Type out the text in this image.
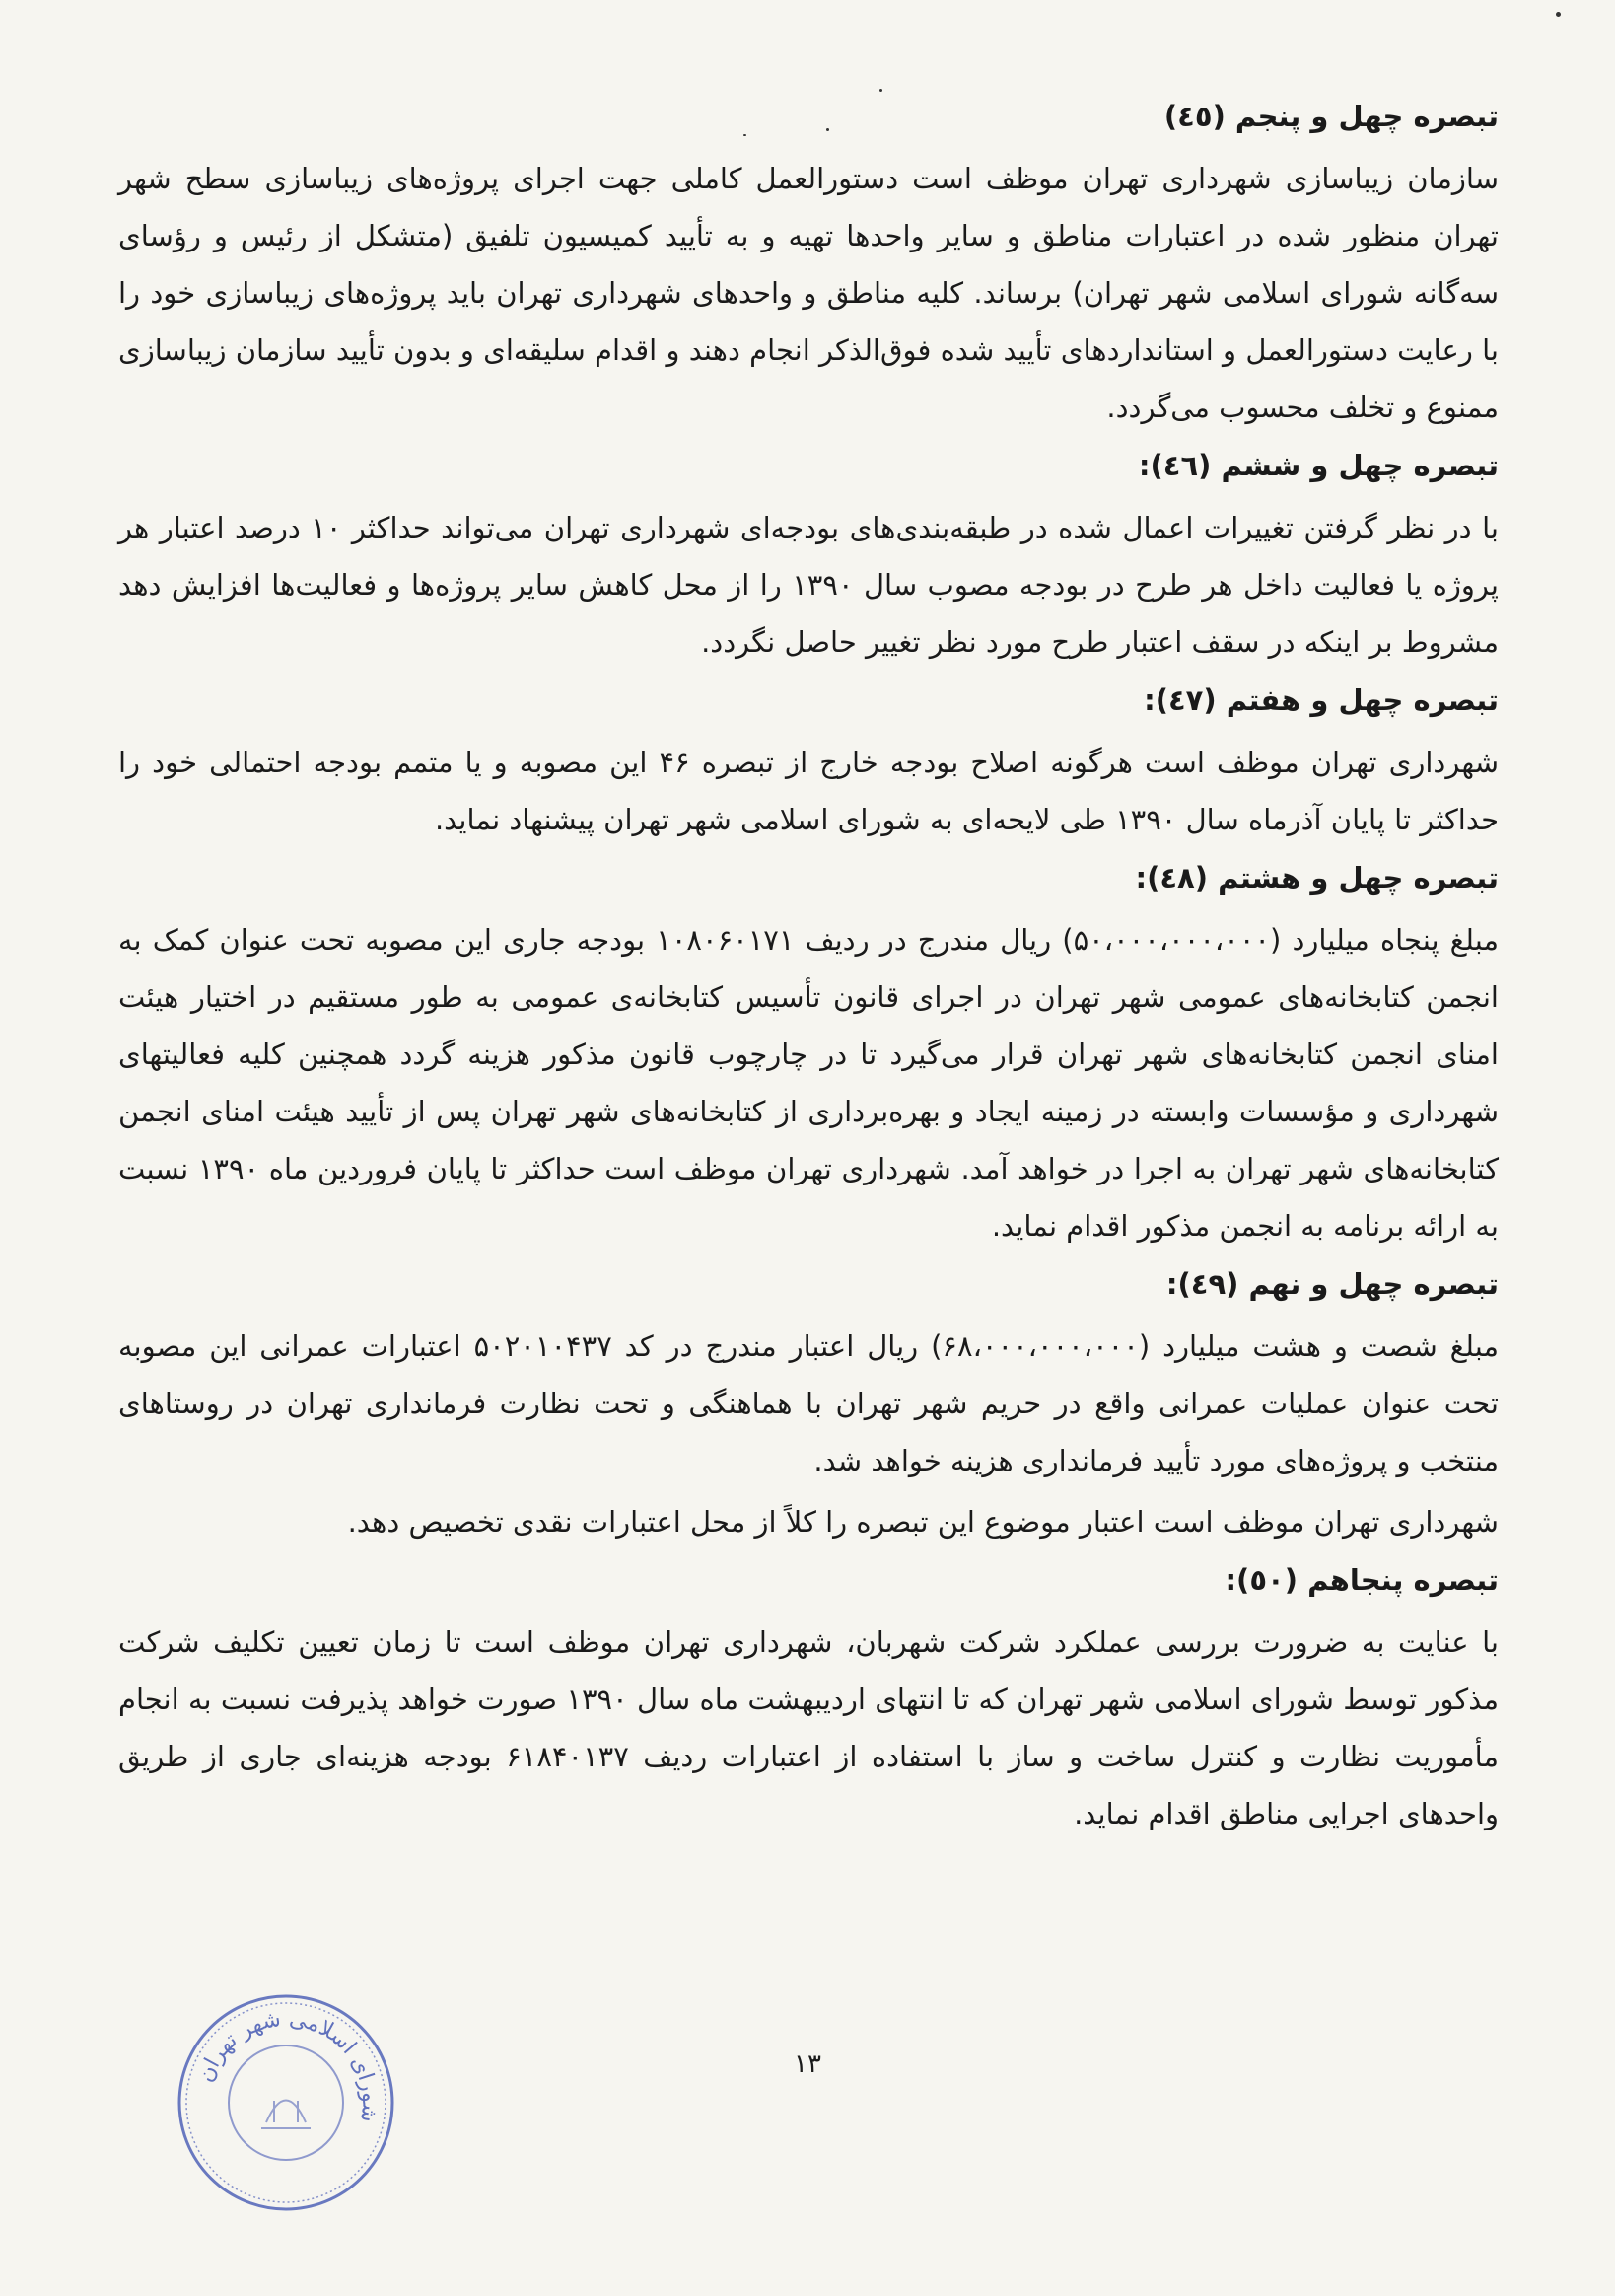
تبصره چهل و پنجم (٤٥)

سازمان زیباسازی شهرداری تهران موظف است دستورالعمل کاملی جهت اجرای پروژه‌های زیباسازی سطح شهر تهران منظور شده در اعتبارات مناطق و سایر واحدها تهیه و به تأیید کمیسیون تلفیق (متشکل از رئیس و رؤسای سه‌گانه شورای اسلامی شهر تهران) برساند. کلیه مناطق و واحدهای شهرداری تهران باید پروژه‌های زیباسازی خود را با رعایت دستورالعمل و استانداردهای تأیید شده فوق‌الذکر انجام دهند و اقدام سلیقه‌ای و بدون تأیید سازمان زیباسازی ممنوع و تخلف محسوب می‌گردد.

تبصره چهل و ششم (٤٦):

با در نظر گرفتن تغییرات اعمال شده در طبقه‌بندی‌های بودجه‌ای شهرداری تهران می‌تواند حداکثر ۱۰ درصد اعتبار هر پروژه یا فعالیت داخل هر طرح در بودجه مصوب سال ۱۳۹۰ را از محل کاهش سایر پروژه‌ها و فعالیت‌ها افزایش دهد مشروط بر اینکه در سقف اعتبار طرح مورد نظر تغییر حاصل نگردد.

تبصره چهل و هفتم (٤٧):

شهرداری تهران موظف است هرگونه اصلاح بودجه خارج از تبصره ۴۶ این مصوبه و یا متمم بودجه احتمالی خود را حداکثر تا پایان آذرماه سال ۱۳۹۰ طی لایحه‌ای به شورای اسلامی شهر تهران پیشنهاد نماید.

تبصره چهل و هشتم (٤٨):

مبلغ پنجاه میلیارد (۵۰،۰۰۰،۰۰۰،۰۰۰) ریال مندرج در ردیف ۱۰۸۰۶۰۱۷۱ بودجه جاری این مصوبه تحت عنوان کمک به انجمن کتابخانه‌های عمومی شهر تهران در اجرای قانون تأسیس کتابخانه‌ی عمومی به طور مستقیم در اختیار هیئت امنای انجمن کتابخانه‌های شهر تهران قرار می‌گیرد تا در چارچوب قانون مذکور هزینه گردد همچنین کلیه فعالیتهای شهرداری و مؤسسات وابسته در زمینه ایجاد و بهره‌برداری از کتابخانه‌های شهر تهران پس از تأیید هیئت امنای انجمن کتابخانه‌های شهر تهران به اجرا در خواهد آمد. شهرداری تهران موظف است حداکثر تا پایان فروردین ماه ۱۳۹۰ نسبت به ارائه برنامه به انجمن مذکور اقدام نماید.

تبصره چهل و نهم (٤٩):

مبلغ شصت و هشت میلیارد (۶۸،۰۰۰،۰۰۰،۰۰۰) ریال اعتبار مندرج در کد ۵۰۲۰۱۰۴۳۷ اعتبارات عمرانی این مصوبه تحت عنوان عملیات عمرانی واقع در حریم شهر تهران با هماهنگی و تحت نظارت فرمانداری تهران در روستاهای منتخب و پروژه‌های مورد تأیید فرمانداری هزینه خواهد شد.

شهرداری تهران موظف است اعتبار موضوع این تبصره را کلاً از محل اعتبارات نقدی تخصیص دهد.

تبصره پنجاهم (٥٠):

با عنایت به ضرورت بررسی عملکرد شرکت شهربان، شهرداری تهران موظف است تا زمان تعیین تکلیف شرکت مذکور توسط شورای اسلامی شهر تهران که تا انتهای اردیبهشت ماه سال ۱۳۹۰ صورت خواهد پذیرفت نسبت به انجام مأموریت نظارت و کنترل ساخت و ساز با استفاده از اعتبارات ردیف ۶۱۸۴۰۱۳۷ بودجه هزینه‌ای جاری از طریق واحدهای اجرایی مناطق اقدام نماید.

۱۳
شورای اسلامی شهر تهران
